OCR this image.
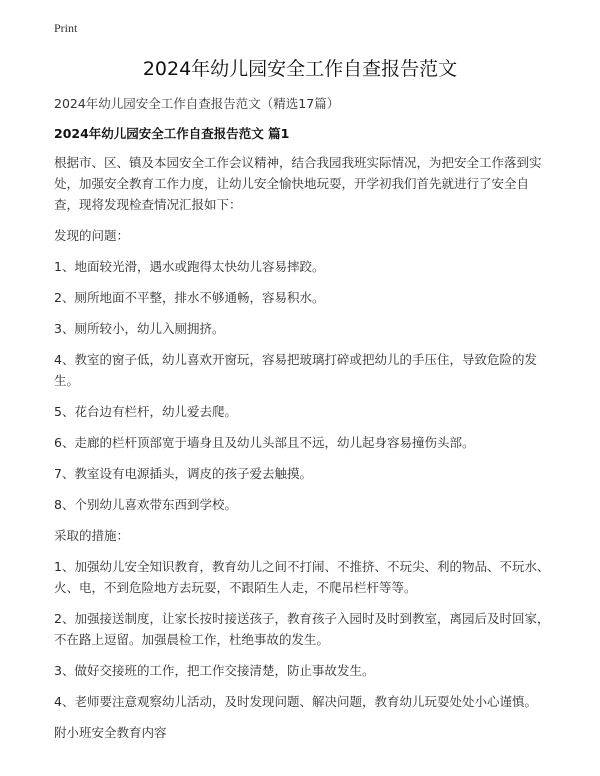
Print
2024年幼儿园安全工作自查报告范文
2024年幼儿园安全工作自查报告范文（精选17篇）
2024年幼儿园安全工作自查报告范文 篇1

根据市、区、镇及本园安全工作会议精神，结合我园我班实际情况，为把安全工作落到实处，加强安全教育工作力度，让幼儿安全愉快地玩耍，开学初我们首先就进行了安全自查，现将发现检查情况汇报如下：

发现的问题：

1、地面较光滑，遇水或跑得太快幼儿容易摔跤。

2、厕所地面不平整，排水不够通畅，容易积水。

3、厕所较小，幼儿入厕拥挤。

4、教室的窗子低，幼儿喜欢开窗玩，容易把玻璃打碎或把幼儿的手压住，导致危险的发生。

5、花台边有栏杆，幼儿爱去爬。

6、走廊的栏杆顶部宽于墙身且及幼儿头部且不远，幼儿起身容易撞伤头部。

7、教室设有电源插头，调皮的孩子爱去触摸。

8、个别幼儿喜欢带东西到学校。

采取的措施：

1、加强幼儿安全知识教育，教育幼儿之间不打闹、不推挤、不玩尖、利的物品、不玩水、火、电，不到危险地方去玩耍，不跟陌生人走，不爬吊栏杆等等。

2、加强接送制度，让家长按时接送孩子，教育孩子入园时及时到教室，离园后及时回家，不在路上逗留。加强晨检工作，杜绝事故的发生。

3、做好交接班的工作，把工作交接清楚，防止事故发生。

4、老师要注意观察幼儿活动，及时发现问题、解决问题，教育幼儿玩耍处处小心谨慎。

附小班安全教育内容
